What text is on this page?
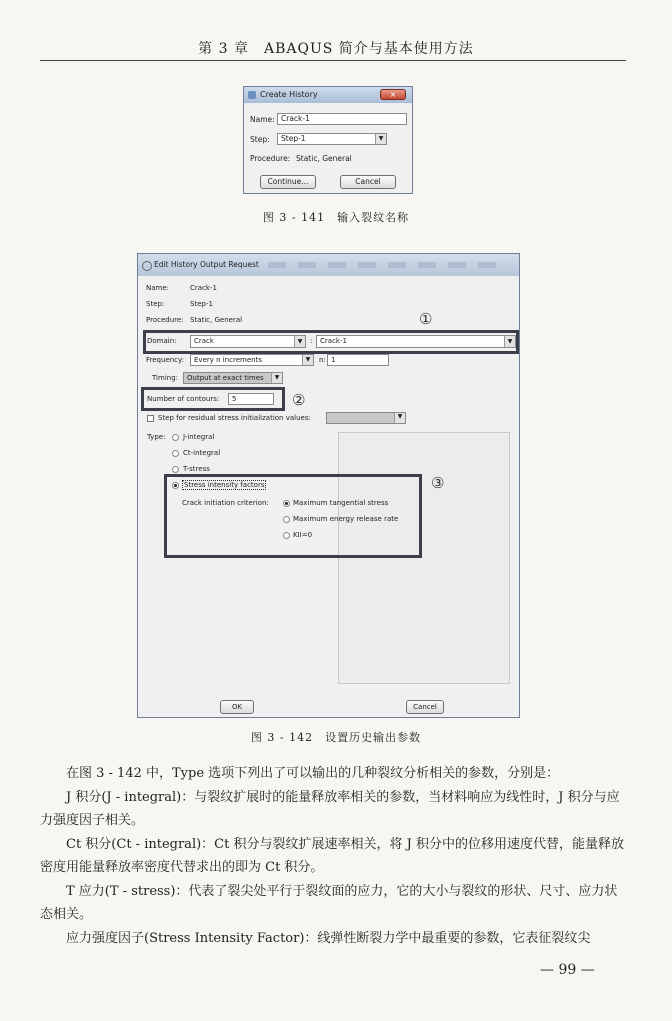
第 3 章　ABAQUS 简介与基本使用方法
Create History	×
Name: Crack-1
Step:	Step-1	▼
Procedure: Static, General
Continue...	Cancel
图 3 - 141　输入裂纹名称
Edit History Output Request
Name:	Crack-1
Step:	Step-1
Procedure: Static, General
Domain:	Crack	▼	:	Crack-1	▼
Frequency:	Every n increments	▼	n: 1
Timing:	Output at exact times	▼
Number of contours:	5
Step for residual stress initialization values:	▼
Type:	J-integral
Ct-integral
T-stress
Stress intensity factors
Crack initiation criterion:	Maximum tangential stress
Maximum energy release rate
KII=0
OK	Cancel
①
②
③
图 3 - 142　设置历史输出参数

在图 3 - 142 中，Type 选项下列出了可以输出的几种裂纹分析相关的参数，分别是：

J 积分(J - integral)：与裂纹扩展时的能量释放率相关的参数，当材料响应为线性时，J 积分与应力强度因子相关。

Ct 积分(Ct - integral)：Ct 积分与裂纹扩展速率相关，将 J 积分中的位移用速度代替，能量释放密度用能量释放率密度代替求出的即为 Ct 积分。

T 应力(T - stress)：代表了裂尖处平行于裂纹面的应力，它的大小与裂纹的形状、尺寸、应力状态相关。

应力强度因子(Stress Intensity Factor)：线弹性断裂力学中最重要的参数，它表征裂纹尖

— 99 —
